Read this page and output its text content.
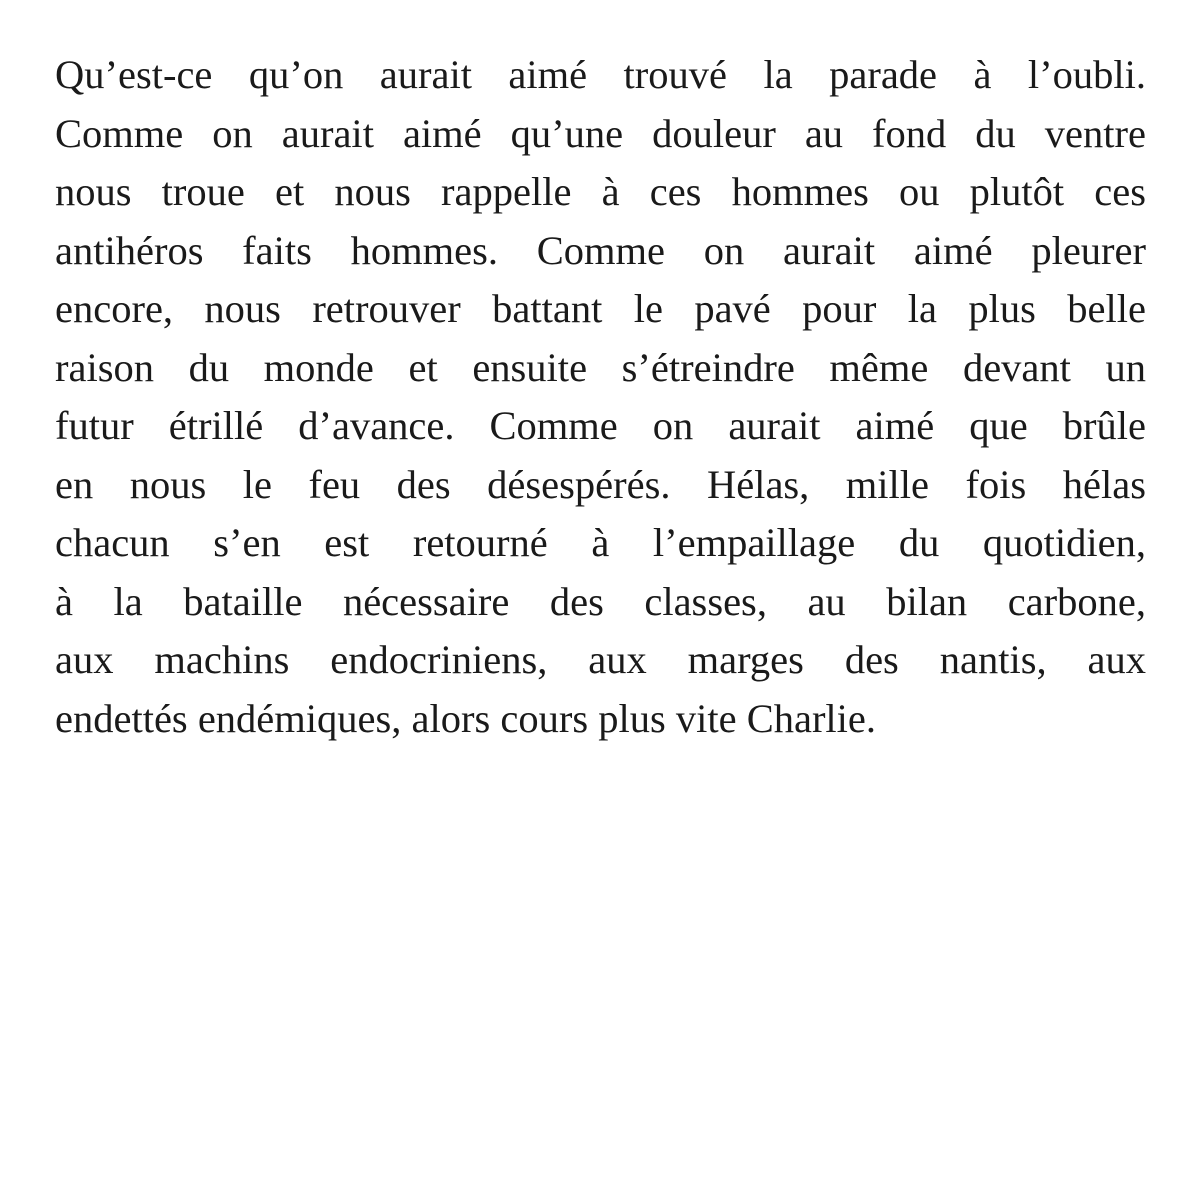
Qu’est-ce qu’on aurait aimé trouvé la parade à l’oubli.
Comme on aurait aimé qu’une douleur au fond du ventre
nous troue et nous rappelle à ces hommes ou plutôt ces
antihéros faits hommes. Comme on aurait aimé pleurer
encore, nous retrouver battant le pavé pour la plus belle
raison du monde et ensuite s’étreindre même devant un
futur étrillé d’avance. Comme on aurait aimé que brûle
en nous le feu des désespérés. Hélas, mille fois hélas
chacun s’en est retourné à l’empaillage du quotidien,
à la bataille nécessaire des classes, au bilan carbone,
aux machins endocriniens, aux marges des nantis, aux
endettés endémiques, alors cours plus vite Charlie.
